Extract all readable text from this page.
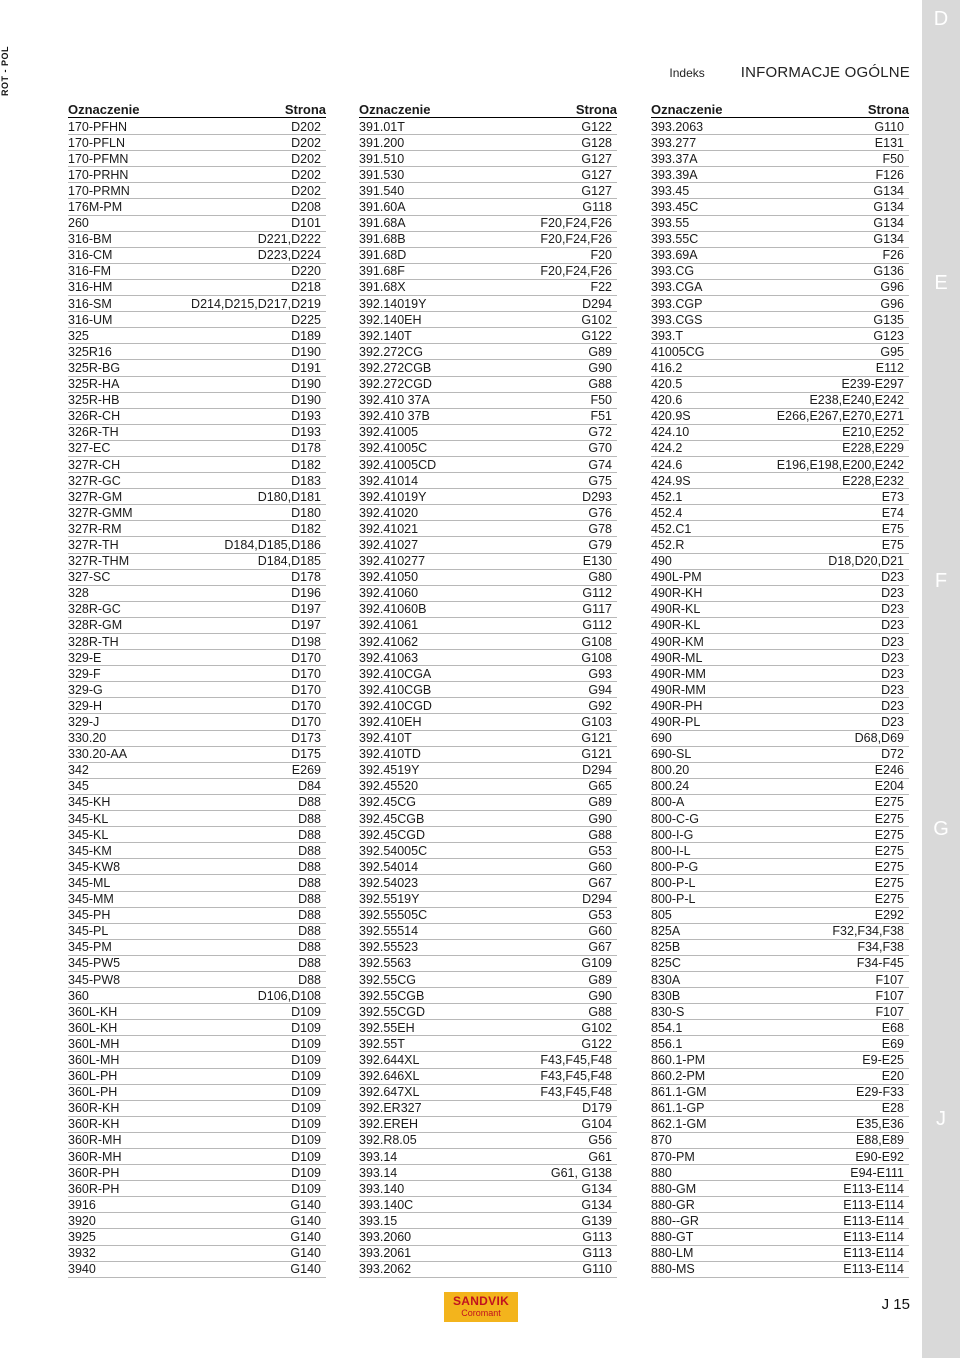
ROT - POL	Indeks INFORMACJE OGÓLNE
D
E
F
G
J
Oznaczenie	Strona
170-PFHN	D202
170-PFLN	D202
170-PFMN	D202
170-PRHN	D202
170-PRMN	D202
176M-PM	D208
260	D101
316-BM	D221,D222
316-CM	D223,D224
316-FM	D220
316-HM	D218
316-SM	D214,D215,D217,D219
316-UM	D225
325	D189
325R16	D190
325R-BG	D191
325R-HA	D190
325R-HB	D190
326R-CH	D193
326R-TH	D193
327-EC	D178
327R-CH	D182
327R-GC	D183
327R-GM	D180,D181
327R-GMM	D180
327R-RM	D182
327R-TH	D184,D185,D186
327R-THM	D184,D185
327-SC	D178
328	D196
328R-GC	D197
328R-GM	D197
328R-TH	D198
329-E	D170
329-F	D170
329-G	D170
329-H	D170
329-J	D170
330.20	D173
330.20-AA	D175
342	E269
345	D84
345-KH	D88
345-KL	D88
345-KL	D88
345-KM	D88
345-KW8	D88
345-ML	D88
345-MM	D88
345-PH	D88
345-PL	D88
345-PM	D88
345-PW5	D88
345-PW8	D88
360	D106,D108
360L-KH	D109
360L-KH	D109
360L-MH	D109
360L-MH	D109
360L-PH	D109
360L-PH	D109
360R-KH	D109
360R-KH	D109
360R-MH	D109
360R-MH	D109
360R-PH	D109
360R-PH	D109
3916	G140
3920	G140
3925	G140
3932	G140
3940	G140
Oznaczenie	Strona
391.01T	G122
391.200	G128
391.510	G127
391.530	G127
391.540	G127
391.60A	G118
391.68A	F20,F24,F26
391.68B	F20,F24,F26
391.68D	F20
391.68F	F20,F24,F26
391.68X	F22
392.14019Y	D294
392.140EH	G102
392.140T	G122
392.272CG	G89
392.272CGB	G90
392.272CGD	G88
392.410 37A	F50
392.410 37B	F51
392.41005	G72
392.41005C	G70
392.41005CD	G74
392.41014	G75
392.41019Y	D293
392.41020	G76
392.41021	G78
392.41027	G79
392.410277	E130
392.41050	G80
392.41060	G112
392.41060B	G117
392.41061	G112
392.41062	G108
392.41063	G108
392.410CGA	G93
392.410CGB	G94
392.410CGD	G92
392.410EH	G103
392.410T	G121
392.410TD	G121
392.4519Y	D294
392.45520	G65
392.45CG	G89
392.45CGB	G90
392.45CGD	G88
392.54005C	G53
392.54014	G60
392.54023	G67
392.5519Y	D294
392.55505C	G53
392.55514	G60
392.55523	G67
392.5563	G109
392.55CG	G89
392.55CGB	G90
392.55CGD	G88
392.55EH	G102
392.55T	G122
392.644XL	F43,F45,F48
392.646XL	F43,F45,F48
392.647XL	F43,F45,F48
392.ER327	D179
392.EREH	G104
392.R8.05	G56
393.14	G61
393.14	G61, G138
393.140	G134
393.140C	G134
393.15	G139
393.2060	G113
393.2061	G113
393.2062	G110
Oznaczenie	Strona
393.2063	G110
393.277	E131
393.37A	F50
393.39A	F126
393.45	G134
393.45C	G134
393.55	G134
393.55C	G134
393.69A	F26
393.CG	G136
393.CGA	G96
393.CGP	G96
393.CGS	G135
393.T	G123
41005CG	G95
416.2	E112
420.5	E239-E297
420.6	E238,E240,E242
420.9S	E266,E267,E270,E271
424.10	E210,E252
424.2	E228,E229
424.6	E196,E198,E200,E242
424.9S	E228,E232
452.1	E73
452.4	E74
452.C1	E75
452.R	E75
490	D18,D20,D21
490L-PM	D23
490R-KH	D23
490R-KL	D23
490R-KL	D23
490R-KM	D23
490R-ML	D23
490R-MM	D23
490R-MM	D23
490R-PH	D23
490R-PL	D23
690	D68,D69
690-SL	D72
800.20	E246
800.24	E204
800-A	E275
800-C-G	E275
800-I-G	E275
800-I-L	E275
800-P-G	E275
800-P-L	E275
800-P-L	E275
805	E292
825A	F32,F34,F38
825B	F34,F38
825C	F34-F45
830A	F107
830B	F107
830-S	F107
854.1	E68
856.1	E69
860.1-PM	E9-E25
860.2-PM	E20
861.1-GM	E29-F33
861.1-GP	E28
862.1-GM	E35,E36
870	E88,E89
870-PM	E90-E92
880	E94-E111
880-GM	E113-E114
880-GR	E113-E114
880--GR	E113-E114
880-GT	E113-E114
880-LM	E113-E114
880-MS	E113-E114
SANDVIK
Coromant	J 15
